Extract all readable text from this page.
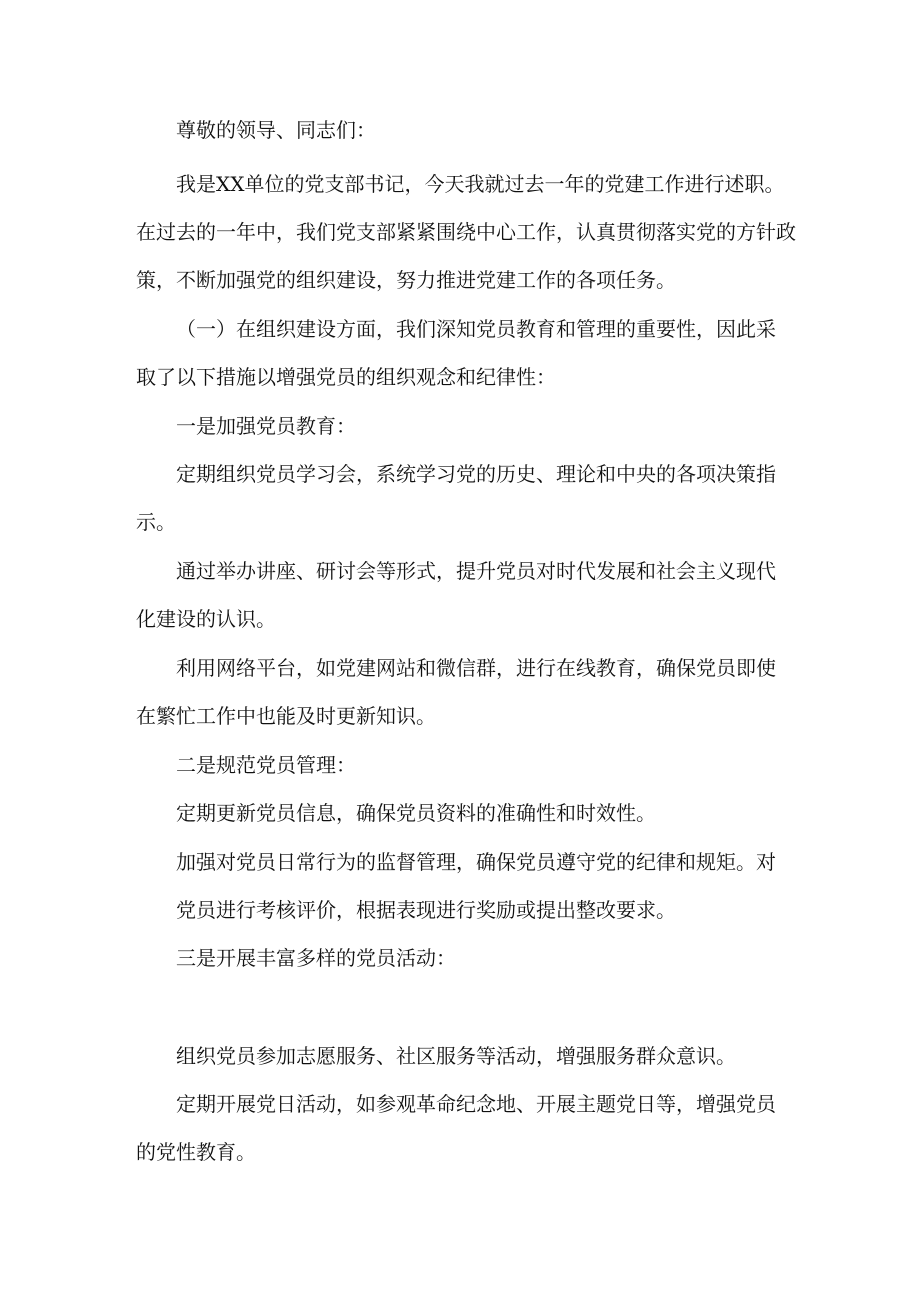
尊敬的领导、同志们：
我是XX单位的党支部书记，今天我就过去一年的党建工作进行述职。
在过去的一年中，我们党支部紧紧围绕中心工作，认真贯彻落实党的方针政
策，不断加强党的组织建设，努力推进党建工作的各项任务。
（一）在组织建设方面，我们深知党员教育和管理的重要性，因此采
取了以下措施以增强党员的组织观念和纪律性：
一是加强党员教育：
定期组织党员学习会，系统学习党的历史、理论和中央的各项决策指
示。
通过举办讲座、研讨会等形式，提升党员对时代发展和社会主义现代
化建设的认识。
利用网络平台，如党建网站和微信群，进行在线教育，确保党员即使
在繁忙工作中也能及时更新知识。
二是规范党员管理：
定期更新党员信息，确保党员资料的准确性和时效性。
加强对党员日常行为的监督管理，确保党员遵守党的纪律和规矩。对
党员进行考核评价，根据表现进行奖励或提出整改要求。
三是开展丰富多样的党员活动：
组织党员参加志愿服务、社区服务等活动，增强服务群众意识。
定期开展党日活动，如参观革命纪念地、开展主题党日等，增强党员
的党性教育。
